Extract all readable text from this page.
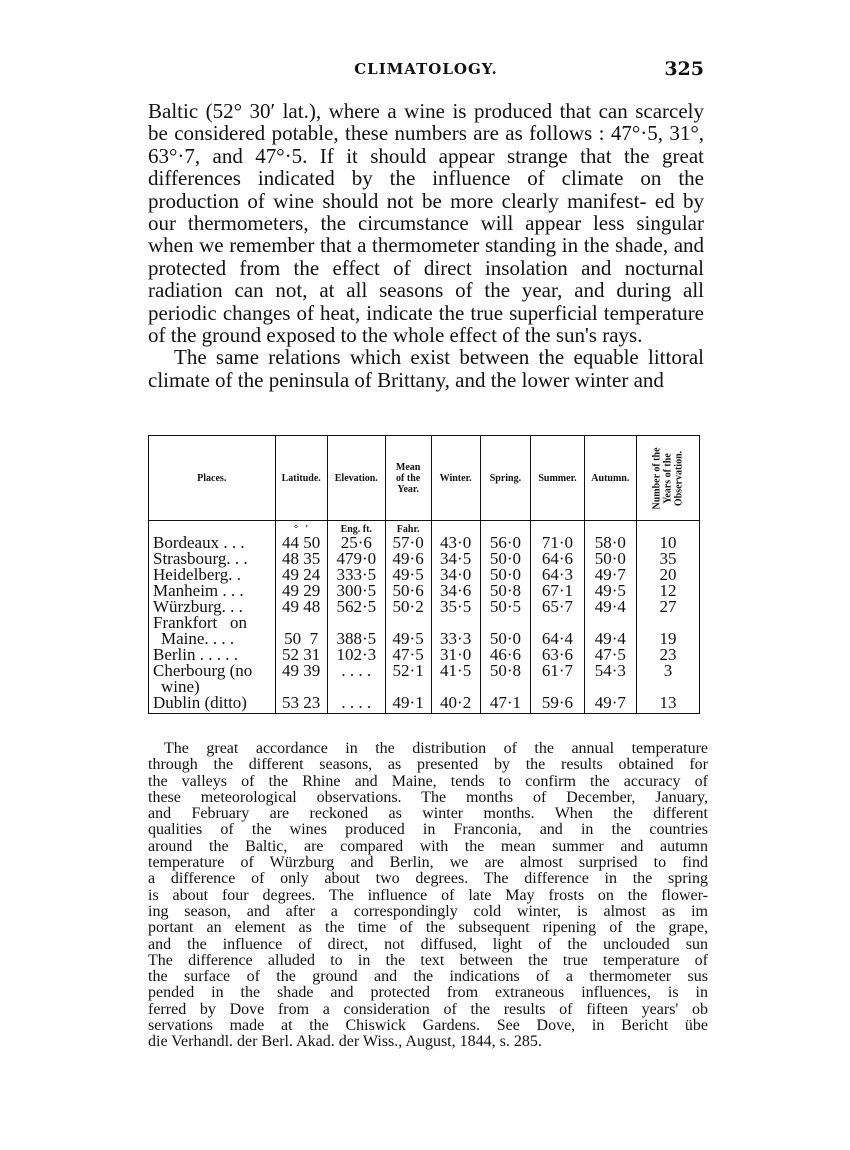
CLIMATOLOGY.	325

Baltic (52° 30′ lat.), where a wine is produced that can scarcely be considered potable, these numbers are as follows : 47°·5, 31°, 63°·7, and 47°·5. If it should appear strange that the great differences indicated by the influence of climate on the production of wine should not be more clearly manifest- ed by our thermometers, the circumstance will appear less singular when we remember that a thermometer standing in the shade, and protected from the effect of direct insolation and nocturnal radiation can not, at all seasons of the year, and during all periodic changes of heat, indicate the true superficial temperature of the ground exposed to the whole effect of the sun's rays.

The same relations which exist between the equable littoral climate of the peninsula of Brittany, and the lower winter and

Places.	Latitude.	Elevation.	Mean
of the
Year.	Winter.	Spring.	Summer.	Autumn.	Number of the
Years of the
Observation.
	°   ′	Eng. ft.	Fahr.					
Bordeaux . . .	44 50	25·6	57·0	43·0	56·0	71·0	58·0	10
Strasbourg. . .	48 35	479·0	49·6	34·5	50·0	64·6	50·0	35
Heidelberg. .	49 24	333·5	49·5	34·0	50·0	64·3	49·7	20
Manheim . . .	49 29	300·5	50·6	34·6	50·8	67·1	49·5	12
Würzburg. . .	49 48	562·5	50·2	35·5	50·5	65·7	49·4	27
Frankfort   on								
Maine. . . .	50  7	388·5	49·5	33·3	50·0	64·4	49·4	19
Berlin . . . . .	52 31	102·3	47·5	31·0	46·6	63·6	47·5	23
Cherbourg (no	49 39	. . . .	52·1	41·5	50·8	61·7	54·3	3
wine)								
Dublin (ditto)	53 23	. . . .	49·1	40·2	47·1	59·6	49·7	13

The great accordance in the distribution of the annual temperature through the different seasons, as presented by the results obtained for the valleys of the Rhine and Maine, tends to confirm the accuracy of these meteorological observations. The months of December, January, and February are reckoned as winter months. When the different qualities of the wines produced in Franconia, and in the countries around the Baltic, are compared with the mean summer and autumn temperature of Würzburg and Berlin, we are almost surprised to find a difference of only about two degrees. The difference in the spring is about four degrees. The influence of late May frosts on the flower- ing season, and after a correspondingly cold winter, is almost as im portant an element as the time of the subsequent ripening of the grape, and the influence of direct, not diffused, light of the unclouded sun The difference alluded to in the text between the true temperature of the surface of the ground and the indications of a thermometer sus pended in the shade and protected from extraneous influences, is in ferred by Dove from a consideration of the results of fifteen years' ob servations made at the Chiswick Gardens. See Dove, in Bericht übe die Verhandl. der Berl. Akad. der Wiss., August, 1844, s. 285.
